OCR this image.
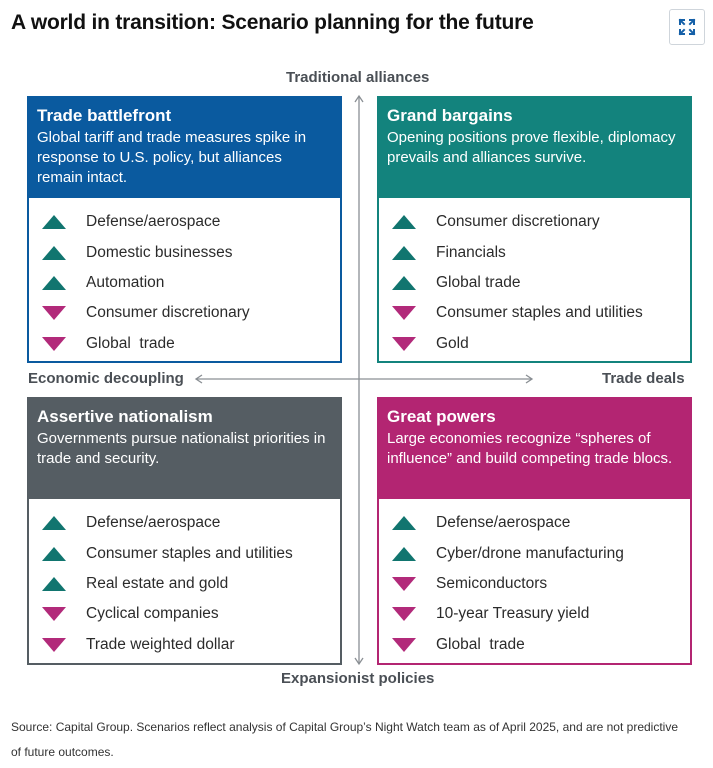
A world in transition: Scenario planning for the future
Traditional alliances
Expansionist policies
Economic decoupling	Trade deals
Trade battlefront
Global tariff and trade measures spike in response to U.S. policy, but alliances remain intact.
Defense/aerospace
Domestic businesses
Automation
Consumer discretionary
Global  trade
Grand bargains
Opening positions prove flexible, diplomacy prevails and alliances survive.
Consumer discretionary
Financials
Global trade
Consumer staples and utilities
Gold
Assertive nationalism
Governments pursue nationalist priorities in trade and security.
Defense/aerospace
Consumer staples and utilities
Real estate and gold
Cyclical companies
Trade weighted dollar
Great powers
Large economies recognize “spheres of influence” and build competing trade blocs.
Defense/aerospace
Cyber/drone manufacturing
Semiconductors
10-year Treasury yield
Global  trade
Source: Capital Group. Scenarios reflect analysis of Capital Group’s Night Watch team as of April 2025, and are not predictive of future outcomes.
